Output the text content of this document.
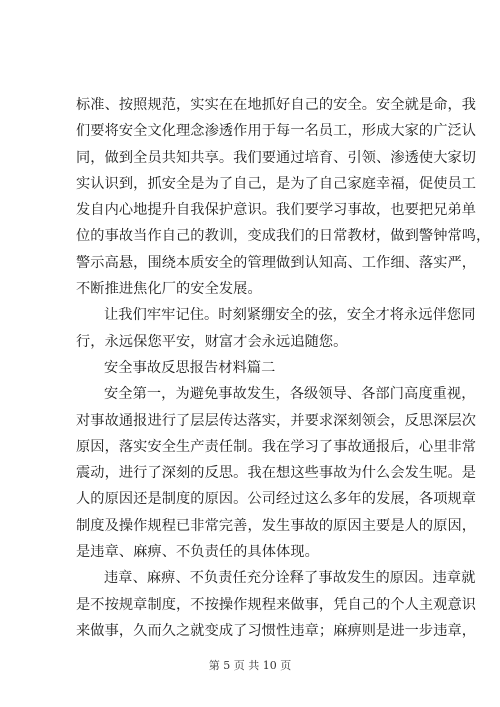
标准、按照规范，实实在在地抓好自己的安全。安全就是命，我
们要将安全文化理念渗透作用于每一名员工，形成大家的广泛认
同，做到全员共知共享。我们要通过培育、引领、渗透使大家切
实认识到，抓安全是为了自己，是为了自己家庭幸福，促使员工
发自内心地提升自我保护意识。我们要学习事故，也要把兄弟单
位的事故当作自己的教训，变成我们的日常教材，做到警钟常鸣，
警示高悬，围绕本质安全的管理做到认知高、工作细、落实严，
不断推进焦化厂的安全发展。
让我们牢牢记住。时刻紧绷安全的弦，安全才将永远伴您同
行，永远保您平安，财富才会永远追随您。
安全事故反思报告材料篇二
安全第一，为避免事故发生，各级领导、各部门高度重视，
对事故通报进行了层层传达落实，并要求深刻领会，反思深层次
原因，落实安全生产责任制。我在学习了事故通报后，心里非常
震动，进行了深刻的反思。我在想这些事故为什么会发生呢。是
人的原因还是制度的原因。公司经过这么多年的发展，各项规章
制度及操作规程已非常完善，发生事故的原因主要是人的原因，
是违章、麻痹、不负责任的具体体现。
违章、麻痹、不负责任充分诠释了事故发生的原因。违章就
是不按规章制度，不按操作规程来做事，凭自己的个人主观意识
来做事，久而久之就变成了习惯性违章；麻痹则是进一步违章，
第 5 页 共 10 页
